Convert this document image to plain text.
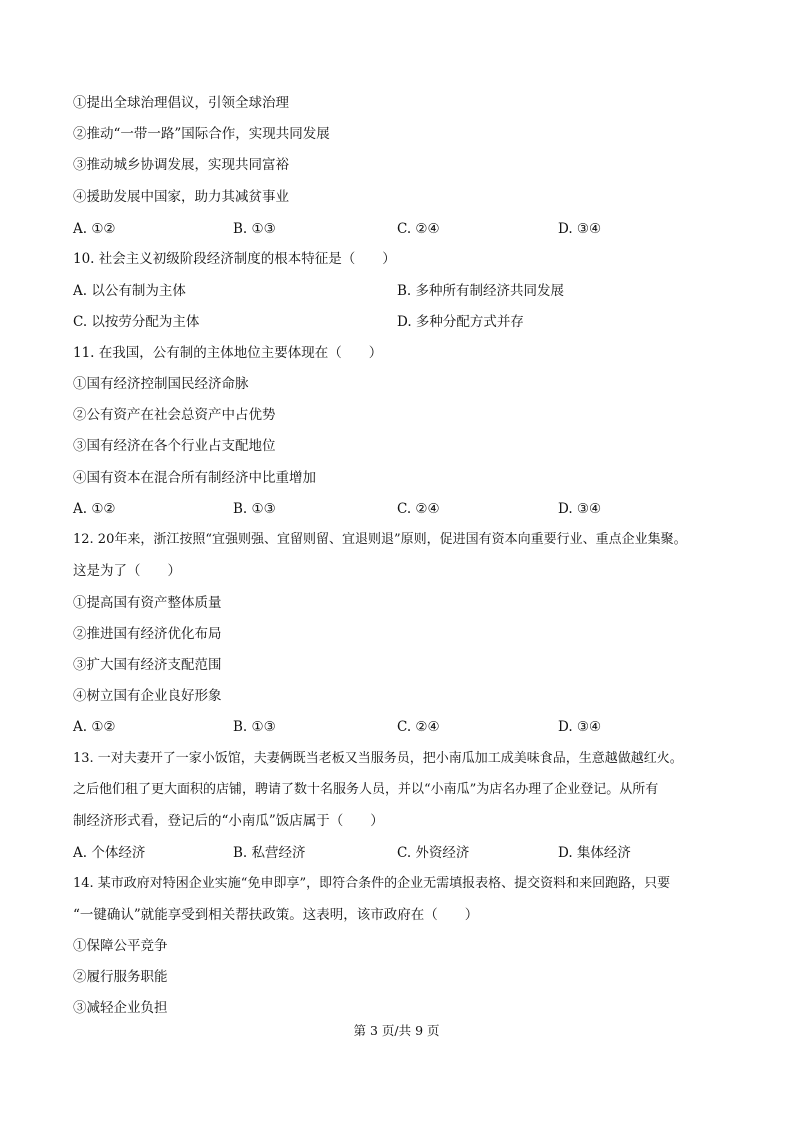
①提出全球治理倡议，引领全球治理
②推动“一带一路”国际合作，实现共同发展
③推动城乡协调发展，实现共同富裕
④援助发展中国家，助力其减贫事业
A. ①②	B. ①③	C. ②④	D. ③④
10. 社会主义初级阶段经济制度的根本特征是（　　）
A. 以公有制为主体	B. 多种所有制经济共同发展
C. 以按劳分配为主体	D. 多种分配方式并存
11. 在我国，公有制的主体地位主要体现在（　　）
①国有经济控制国民经济命脉
②公有资产在社会总资产中占优势
③国有经济在各个行业占支配地位
④国有资本在混合所有制经济中比重增加
A. ①②	B. ①③	C. ②④	D. ③④
12. 20年来，浙江按照“宜强则强、宜留则留、宜退则退”原则，促进国有资本向重要行业、重点企业集聚。
这是为了（　　）
①提高国有资产整体质量
②推进国有经济优化布局
③扩大国有经济支配范围
④树立国有企业良好形象
A. ①②	B. ①③	C. ②④	D. ③④
13. 一对夫妻开了一家小饭馆，夫妻俩既当老板又当服务员，把小南瓜加工成美味食品，生意越做越红火。
之后他们租了更大面积的店铺，聘请了数十名服务人员，并以“小南瓜”为店名办理了企业登记。从所有
制经济形式看，登记后的“小南瓜”饭店属于（　　）
A. 个体经济	B. 私营经济	C. 外资经济	D. 集体经济
14. 某市政府对特困企业实施“免申即享”，即符合条件的企业无需填报表格、提交资料和来回跑路，只要
“一键确认”就能享受到相关帮扶政策。这表明，该市政府在（　　）
①保障公平竞争
②履行服务职能
③减轻企业负担
第 3 页/共 9 页
